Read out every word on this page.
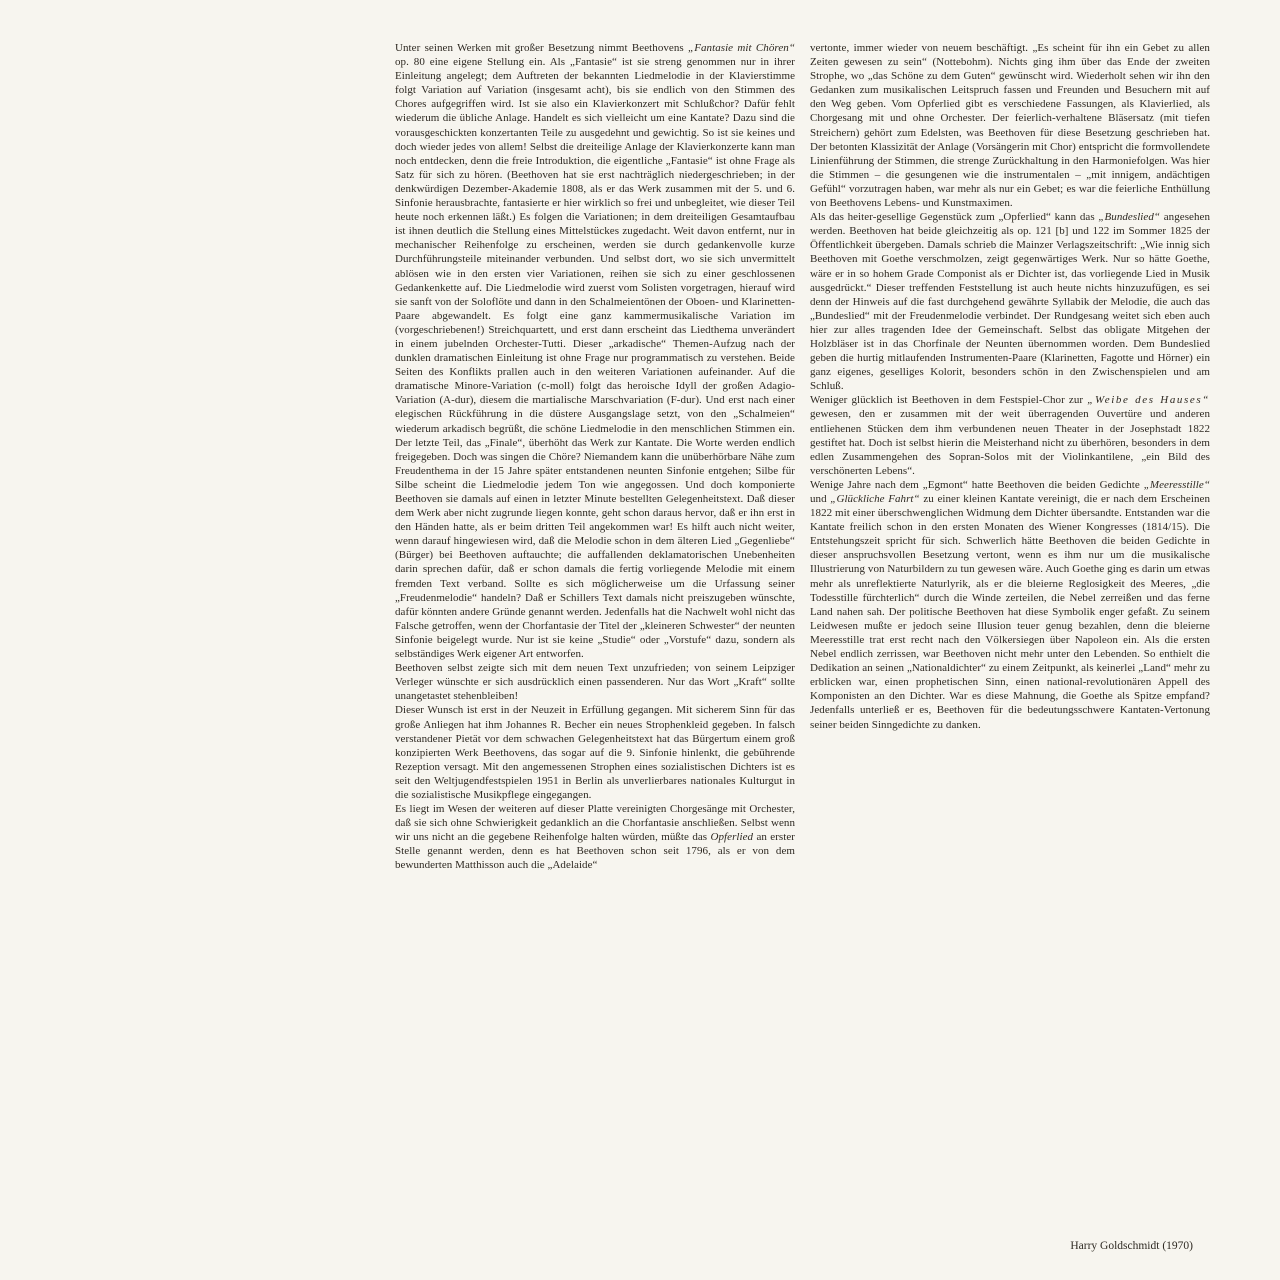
Unter seinen Werken mit großer Besetzung nimmt Beethovens „Fantasie mit Chören“ op. 80 eine eigene Stellung ein. Als „Fantasie“ ist sie streng genommen nur in ihrer Einleitung angelegt; dem Auftreten der bekannten Liedmelodie in der Klavierstimme folgt Variation auf Variation (insgesamt acht), bis sie endlich von den Stimmen des Chores aufgegriffen wird. Ist sie also ein Klavierkonzert mit Schlußchor? Dafür fehlt wiederum die übliche Anlage. Handelt es sich vielleicht um eine Kantate? Dazu sind die vorausgeschickten konzertanten Teile zu ausgedehnt und gewichtig. So ist sie keines und doch wieder jedes von allem! Selbst die dreiteilige Anlage der Klavierkonzerte kann man noch entdecken, denn die freie Introduktion, die eigentliche „Fantasie“ ist ohne Frage als Satz für sich zu hören. (Beethoven hat sie erst nachträglich niedergeschrieben; in der denkwürdigen Dezember-Akademie 1808, als er das Werk zusammen mit der 5. und 6. Sinfonie herausbrachte, fantasierte er hier wirklich so frei und unbegleitet, wie dieser Teil heute noch erkennen läßt.) Es folgen die Variationen; in dem dreiteiligen Gesamtaufbau ist ihnen deutlich die Stellung eines Mittelstückes zugedacht. Weit davon entfernt, nur in mechanischer Reihenfolge zu erscheinen, werden sie durch gedankenvolle kurze Durchführungsteile miteinander verbunden. Und selbst dort, wo sie sich unvermittelt ablösen wie in den ersten vier Variationen, reihen sie sich zu einer geschlossenen Gedankenkette auf. Die Liedmelodie wird zuerst vom Solisten vorgetragen, hierauf wird sie sanft von der Soloflöte und dann in den Schalmeientönen der Oboen- und Klarinetten-Paare abgewandelt. Es folgt eine ganz kammermusikalische Variation im (vorgeschriebenen!) Streichquartett, und erst dann erscheint das Liedthema unverändert in einem jubelnden Orchester-Tutti. Dieser „arkadische“ Themen-Aufzug nach der dunklen dramatischen Einleitung ist ohne Frage nur programmatisch zu verstehen. Beide Seiten des Konflikts prallen auch in den weiteren Variationen aufeinander. Auf die dramatische Minore-Variation (c-moll) folgt das heroische Idyll der großen Adagio-Variation (A-dur), diesem die martialische Marschvariation (F-dur). Und erst nach einer elegischen Rückführung in die düstere Ausgangslage setzt, von den „Schalmeien“ wiederum arkadisch begrüßt, die schöne Liedmelodie in den menschlichen Stimmen ein. Der letzte Teil, das „Finale“, überhöht das Werk zur Kantate. Die Worte werden endlich freigegeben. Doch was singen die Chöre? Niemandem kann die unüberhörbare Nähe zum Freudenthema in der 15 Jahre später entstandenen neunten Sinfonie entgehen; Silbe für Silbe scheint die Liedmelodie jedem Ton wie angegossen. Und doch komponierte Beethoven sie damals auf einen in letzter Minute bestellten Gelegenheitstext. Daß dieser dem Werk aber nicht zugrunde liegen konnte, geht schon daraus hervor, daß er ihn erst in den Händen hatte, als er beim dritten Teil angekommen war! Es hilft auch nicht weiter, wenn darauf hingewiesen wird, daß die Melodie schon in dem älteren Lied „Gegenliebe“ (Bürger) bei Beethoven auftauchte; die auffallenden deklamatorischen Unebenheiten darin sprechen dafür, daß er schon damals die fertig vorliegende Melodie mit einem fremden Text verband. Sollte es sich möglicherweise um die Urfassung seiner „Freudenmelodie“ handeln? Daß er Schillers Text damals nicht preiszugeben wünschte, dafür könnten andere Gründe genannt werden. Jedenfalls hat die Nachwelt wohl nicht das Falsche getroffen, wenn der Chorfantasie der Titel der „kleineren Schwester“ der neunten Sinfonie beigelegt wurde. Nur ist sie keine „Studie“ oder „Vorstufe“ dazu, sondern als selbständiges Werk eigener Art entworfen.

Beethoven selbst zeigte sich mit dem neuen Text unzufrieden; von seinem Leipziger Verleger wünschte er sich ausdrücklich einen passenderen. Nur das Wort „Kraft“ sollte unangetastet stehenbleiben!

Dieser Wunsch ist erst in der Neuzeit in Erfüllung gegangen. Mit sicherem Sinn für das große Anliegen hat ihm Johannes R. Becher ein neues Strophenkleid gegeben. In falsch verstandener Pietät vor dem schwachen Gelegenheitstext hat das Bürgertum einem groß konzipierten Werk Beethovens, das sogar auf die 9. Sinfonie hinlenkt, die gebührende Rezeption versagt. Mit den angemessenen Strophen eines sozialistischen Dichters ist es seit den Weltjugendfestspielen 1951 in Berlin als unverlierbares nationales Kulturgut in die sozialistische Musikpflege eingegangen.

Es liegt im Wesen der weiteren auf dieser Platte vereinigten Chorgesänge mit Orchester, daß sie sich ohne Schwierigkeit gedanklich an die Chorfantasie anschließen. Selbst wenn wir uns nicht an die gegebene Reihenfolge halten würden, müßte das Opferlied an erster Stelle genannt werden, denn es hat Beethoven schon seit 1796, als er von dem bewunderten Matthisson auch die „Adelaide“

vertonte, immer wieder von neuem beschäftigt. „Es scheint für ihn ein Gebet zu allen Zeiten gewesen zu sein“ (Nottebohm). Nichts ging ihm über das Ende der zweiten Strophe, wo „das Schöne zu dem Guten“ gewünscht wird. Wiederholt sehen wir ihn den Gedanken zum musikalischen Leitspruch fassen und Freunden und Besuchern mit auf den Weg geben. Vom Opferlied gibt es verschiedene Fassungen, als Klavierlied, als Chorgesang mit und ohne Orchester. Der feierlich-verhaltene Bläsersatz (mit tiefen Streichern) gehört zum Edelsten, was Beethoven für diese Besetzung geschrieben hat. Der betonten Klassizität der Anlage (Vorsängerin mit Chor) entspricht die formvollendete Linienführung der Stimmen, die strenge Zurückhaltung in den Harmoniefolgen. Was hier die Stimmen – die gesungenen wie die instrumentalen – „mit innigem, andächtigen Gefühl“ vorzutragen haben, war mehr als nur ein Gebet; es war die feierliche Enthüllung von Beethovens Lebens- und Kunstmaximen.

Als das heiter-gesellige Gegenstück zum „Opferlied“ kann das „Bundeslied“ angesehen werden. Beethoven hat beide gleichzeitig als op. 121 [b] und 122 im Sommer 1825 der Öffentlichkeit übergeben. Damals schrieb die Mainzer Verlagszeitschrift: „Wie innig sich Beethoven mit Goethe verschmolzen, zeigt gegenwärtiges Werk. Nur so hätte Goethe, wäre er in so hohem Grade Componist als er Dichter ist, das vorliegende Lied in Musik ausgedrückt.“ Dieser treffenden Feststellung ist auch heute nichts hinzuzufügen, es sei denn der Hinweis auf die fast durchgehend gewährte Syllabik der Melodie, die auch das „Bundeslied“ mit der Freudenmelodie verbindet. Der Rundgesang weitet sich eben auch hier zur alles tragenden Idee der Gemeinschaft. Selbst das obligate Mitgehen der Holzbläser ist in das Chorfinale der Neunten übernommen worden. Dem Bundeslied geben die hurtig mitlaufenden Instrumenten-Paare (Klarinetten, Fagotte und Hörner) ein ganz eigenes, geselliges Kolorit, besonders schön in den Zwischenspielen und am Schluß.

Weniger glücklich ist Beethoven in dem Festspiel-Chor zur „Weibe des Hauses“ gewesen, den er zusammen mit der weit überragenden Ouvertüre und anderen entliehenen Stücken dem ihm verbundenen neuen Theater in der Josephstadt 1822 gestiftet hat. Doch ist selbst hierin die Meisterhand nicht zu überhören, besonders in dem edlen Zusammengehen des Sopran-Solos mit der Violinkantilene, „ein Bild des verschönerten Lebens“.

Wenige Jahre nach dem „Egmont“ hatte Beethoven die beiden Gedichte „Meeresstille“ und „Glückliche Fahrt“ zu einer kleinen Kantate vereinigt, die er nach dem Erscheinen 1822 mit einer überschwenglichen Widmung dem Dichter übersandte. Entstanden war die Kantate freilich schon in den ersten Monaten des Wiener Kongresses (1814/15). Die Entstehungszeit spricht für sich. Schwerlich hätte Beethoven die beiden Gedichte in dieser anspruchsvollen Besetzung vertont, wenn es ihm nur um die musikalische Illustrierung von Naturbildern zu tun gewesen wäre. Auch Goethe ging es darin um etwas mehr als unreflektierte Naturlyrik, als er die bleierne Reglosigkeit des Meeres, „die Todesstille fürchterlich“ durch die Winde zerteilen, die Nebel zerreißen und das ferne Land nahen sah. Der politische Beethoven hat diese Symbolik enger gefaßt. Zu seinem Leidwesen mußte er jedoch seine Illusion teuer genug bezahlen, denn die bleierne Meeresstille trat erst recht nach den Völkersiegen über Napoleon ein. Als die ersten Nebel endlich zerrissen, war Beethoven nicht mehr unter den Lebenden. So enthielt die Dedikation an seinen „Nationaldichter“ zu einem Zeitpunkt, als keinerlei „Land“ mehr zu erblicken war, einen prophetischen Sinn, einen national-revolutionären Appell des Komponisten an den Dichter. War es diese Mahnung, die Goethe als Spitze empfand? Jedenfalls unterließ er es, Beethoven für die bedeutungsschwere Kantaten-Vertonung seiner beiden Sinngedichte zu danken.

Harry Goldschmidt (1970)
